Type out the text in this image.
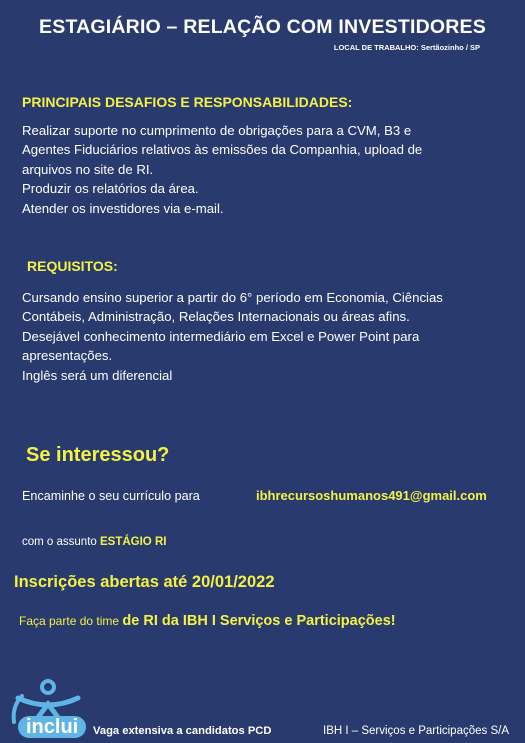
ESTAGIÁRIO – RELAÇÃO COM INVESTIDORES
LOCAL DE TRABALHO: Sertãozinho / SP
PRINCIPAIS DESAFIOS E RESPONSABILIDADES:

Realizar suporte no cumprimento de obrigações para a CVM, B3 e

Agentes Fiduciários relativos às emissões da Companhia, upload de

arquivos no site de RI.

Produzir os relatórios da área.

Atender os investidores via e-mail.

REQUISITOS:

Cursando ensino superior a partir do 6° período em Economia, Ciências

Contábeis, Administração, Relações Internacionais ou áreas afins.

Desejável conhecimento intermediário em Excel e Power Point para

apresentações.

Inglês será um diferencial

Se interessou?
Encaminhe o seu currículo para	ibhrecursoshumanos491@gmail.com
com o assunto ESTÁGIO RI
Inscrições abertas até 20/01/2022
Faça parte do time de RI da IBH I Serviços e Participações!
inclui	Vaga extensiva a candidatos PCD	IBH I – Serviços e Participações S/A
